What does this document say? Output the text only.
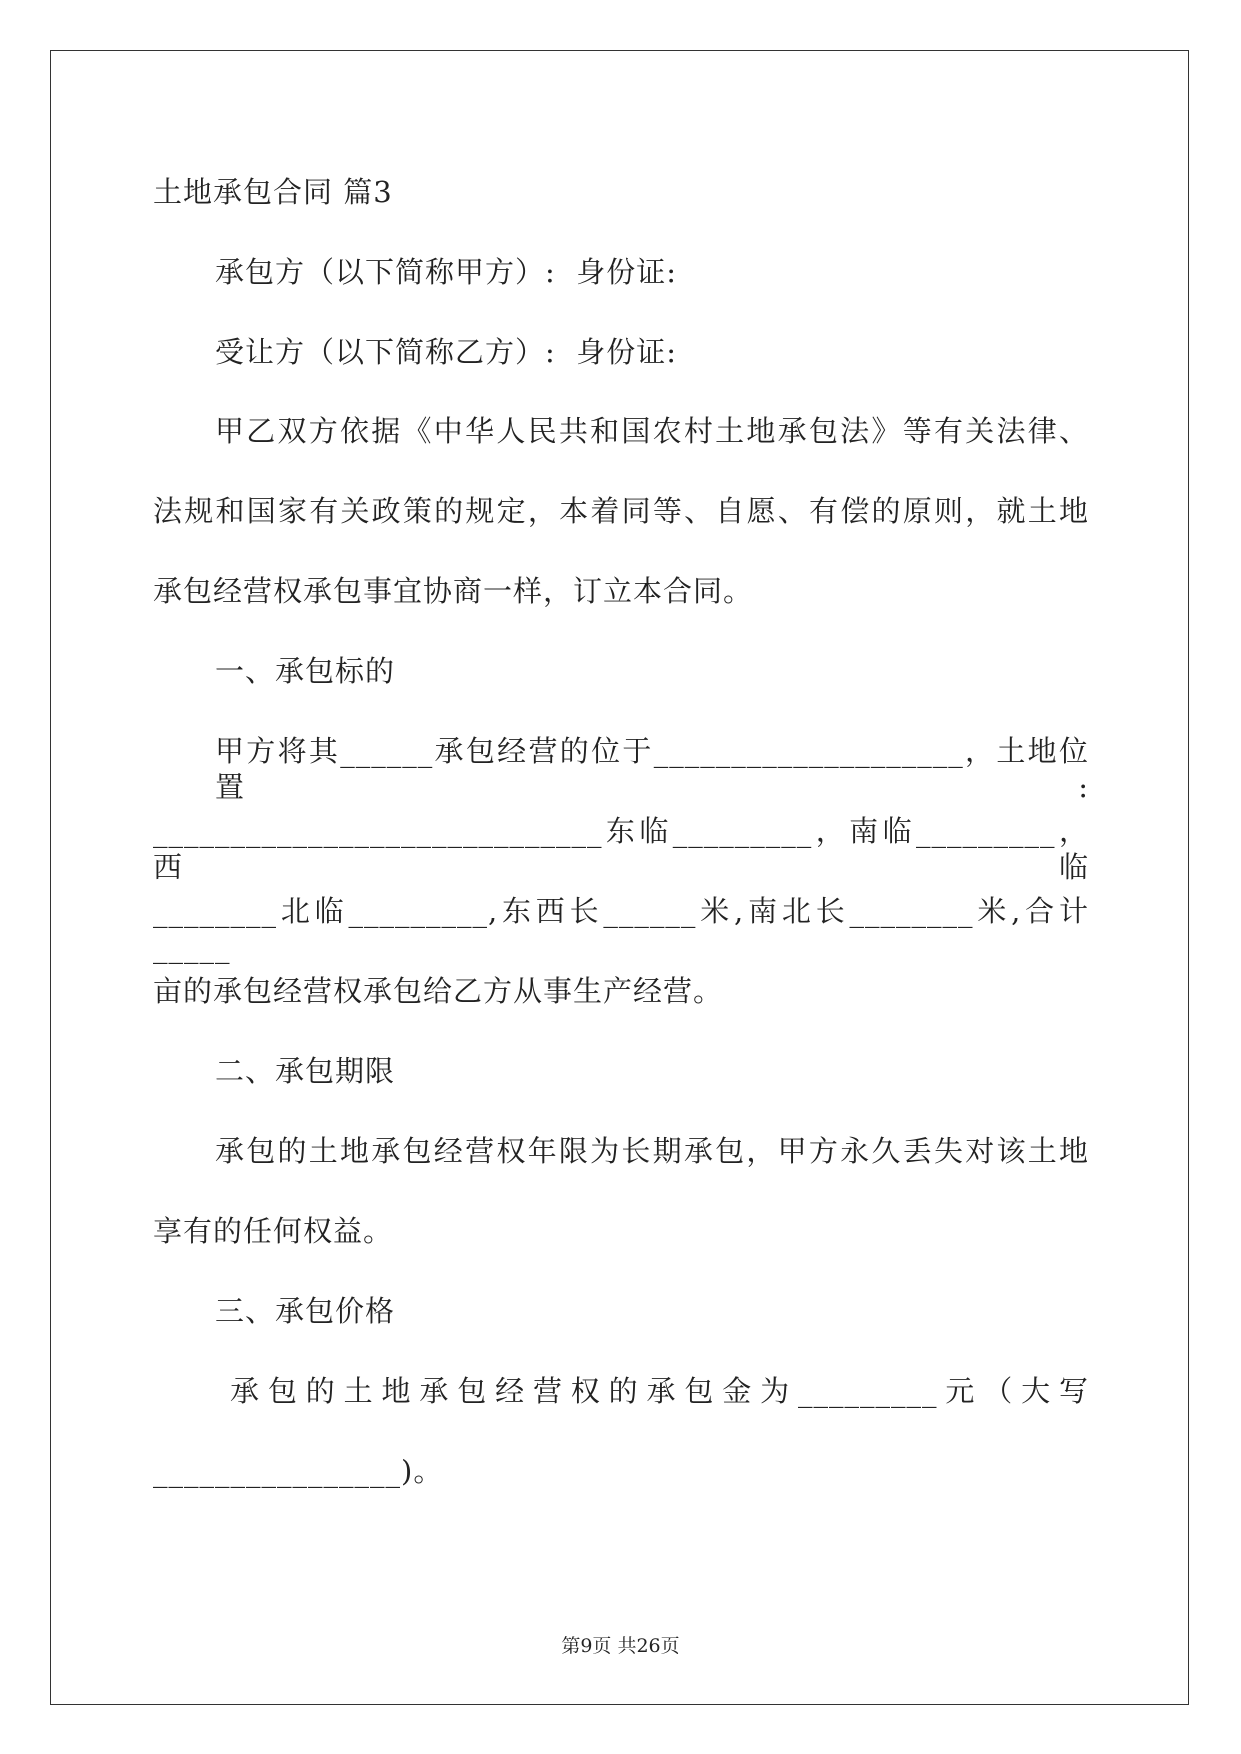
土地承包合同 篇3
承包方（以下简称甲方）:  身份证:
受让方（以下简称乙方）:  身份证:
甲乙双方依据《中华人民共和国农村土地承包法》等有关法律、
法规和国家有关政策的规定，本着同等、自愿、有偿的原则，就土地
承包经营权承包事宜协商一样，订立本合同。
一、承包标的
甲方将其______承包经营的位于____________________，土地位置:
_____________________________东临_________，南临_________，西临
________北临_________,东西长______米,南北长________米,合计_____
亩的承包经营权承包给乙方从事生产经营。
二、承包期限
承包的土地承包经营权年限为长期承包，甲方永久丢失对该土地
享有的任何权益。
三、承包价格
承包的土地承包经营权的承包金为_________元（大写
________________)。
第9页 共26页
